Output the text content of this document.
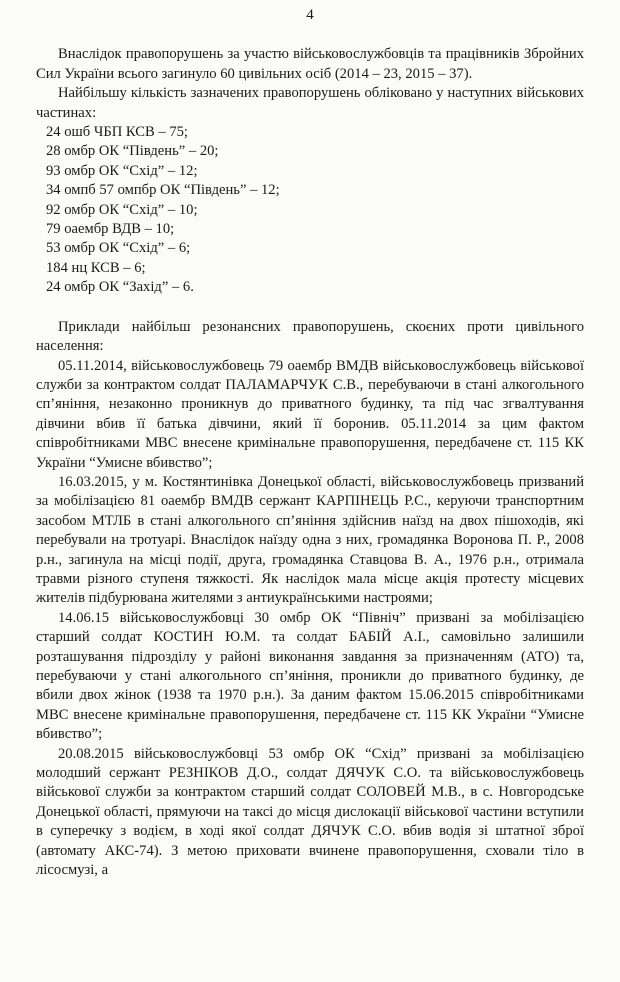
4

Внаслідок правопорушень за участю військовослужбовців та працівників Збройних Сил України всього загинуло 60 цивільних осіб (2014 – 23, 2015 – 37).

Найбільшу кількість зазначених правопорушень обліковано у наступних військових частинах:

24 ошб ЧБП КСВ – 75;
28 омбр ОК “Південь” – 20;
93 омбр ОК “Схід” – 12;
34 омпб 57 омпбр ОК “Південь” – 12;
92 омбр ОК “Схід” – 10;
79 оаембр ВДВ – 10;
53 омбр ОК “Схід” – 6;
184 нц КСВ – 6;
24 омбр ОК “Захід” – 6.

Приклади найбільш резонансних правопорушень, скоєних проти цивільного населення:

05.11.2014, військовослужбовець 79 оаембр ВМДВ військовослужбовець військової служби за контрактом солдат ПАЛАМАРЧУК С.В., перебуваючи в стані алкогольного сп’яніння, незаконно проникнув до приватного будинку, та під час згвалтування дівчини вбив її батька дівчини, який її боронив. 05.11.2014 за цим фактом співробітниками МВС внесене кримінальне правопорушення, передбачене ст. 115 КК України “Умисне вбивство”;

16.03.2015, у м. Костянтинівка Донецької області, військовослужбовець призваний за мобілізацією 81 оаембр ВМДВ сержант КАРПІНЕЦЬ Р.С., керуючи транспортним засобом МТЛБ в стані алкогольного сп’яніння здійснив наїзд на двох пішоходів, які перебували на тротуарі. Внаслідок наїзду одна з них, громадянка Воронова П. Р., 2008 р.н., загинула на місці події, друга, громадянка Ставцова В. А., 1976 р.н., отримала травми різного ступеня тяжкості. Як наслідок мала місце акція протесту місцевих жителів підбурювана жителями з антиукраїнськими настроями;

14.06.15 військовослужбовці 30 омбр ОК “Північ” призвані за мобілізацією старший солдат КОСТИН Ю.М. та солдат БАБІЙ А.І., самовільно залишили розташування підрозділу у районі виконання завдання за призначенням (АТО) та, перебуваючи у стані алкогольного сп’яніння, проникли до приватного будинку, де вбили двох жінок (1938 та 1970 р.н.). За даним фактом 15.06.2015 співробітниками МВС внесене кримінальне правопорушення, передбачене ст. 115 КК України “Умисне вбивство”;

20.08.2015 військовослужбовці 53 омбр ОК “Схід” призвані за мобілізацією молодший сержант РЕЗНІКОВ Д.О., солдат ДЯЧУК С.О. та військовослужбовець військової служби за контрактом старший солдат СОЛОВЕЙ М.В., в с. Новгородське Донецької області, прямуючи на таксі до місця дислокації військової частини вступили в суперечку з водієм, в ході якої солдат ДЯЧУК С.О. вбив водія зі штатної зброї (автомату АКС-74). З метою приховати вчинене правопорушення, сховали тіло в лісосмузі, а
